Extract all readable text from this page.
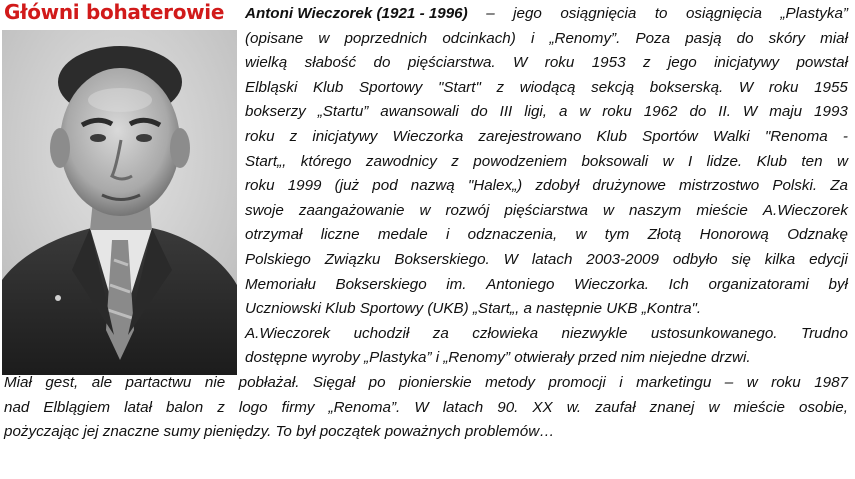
Główni bohaterowie Antoni Wieczorek (1921 - 1996) – jego osiągnięcia to osiągnięcia „Plastyka”
(opisane w poprzednich odcinkach) i „Renomy”. Poza pasją do skóry miał
wielką słabość do pięściarstwa. W roku 1953 z jego inicjatywy powstał
Elbląski Klub Sportowy "Start" z wiodącą sekcją bokserską. W roku 1955
bokserzy „Startu” awansowali do III ligi, a w roku 1962 do II. W maju 1993
roku z inicjatywy Wieczorka zarejestrowano Klub Sportów Walki "Renoma -
Start„, którego zawodnicy z powodzeniem boksowali w I lidze. Klub ten w
roku 1999 (już pod nazwą "Halex„) zdobył drużynowe mistrzostwo Polski. Za
swoje zaangażowanie w rozwój pięściarstwa w naszym mieście A.Wieczorek
otrzymał liczne medale i odznaczenia, w tym Złotą Honorową Odznakę
Polskiego Związku Bokserskiego. W latach 2003-2009 odbyło się kilka edycji
Memoriału Bokserskiego im. Antoniego Wieczorka. Ich organizatorami był
Uczniowski Klub Sportowy (UKB) „Start„, a następnie UKB „Kontra".
A.Wieczorek uchodził za człowieka niezwykle ustosunkowanego. Trudno
dostępne wyroby „Plastyka” i „Renomy” otwierały przed nim niejedne drzwi.
Miał gest, ale partactwu nie pobłażał. Sięgał po pionierskie metody promocji i marketingu – w roku 1987
nad Elblągiem latał balon z logo firmy „Renoma”. W latach 90. XX w. zaufał znanej w mieście osobie,
pożyczając jej znaczne sumy pieniędzy. To był początek poważnych problemów…
